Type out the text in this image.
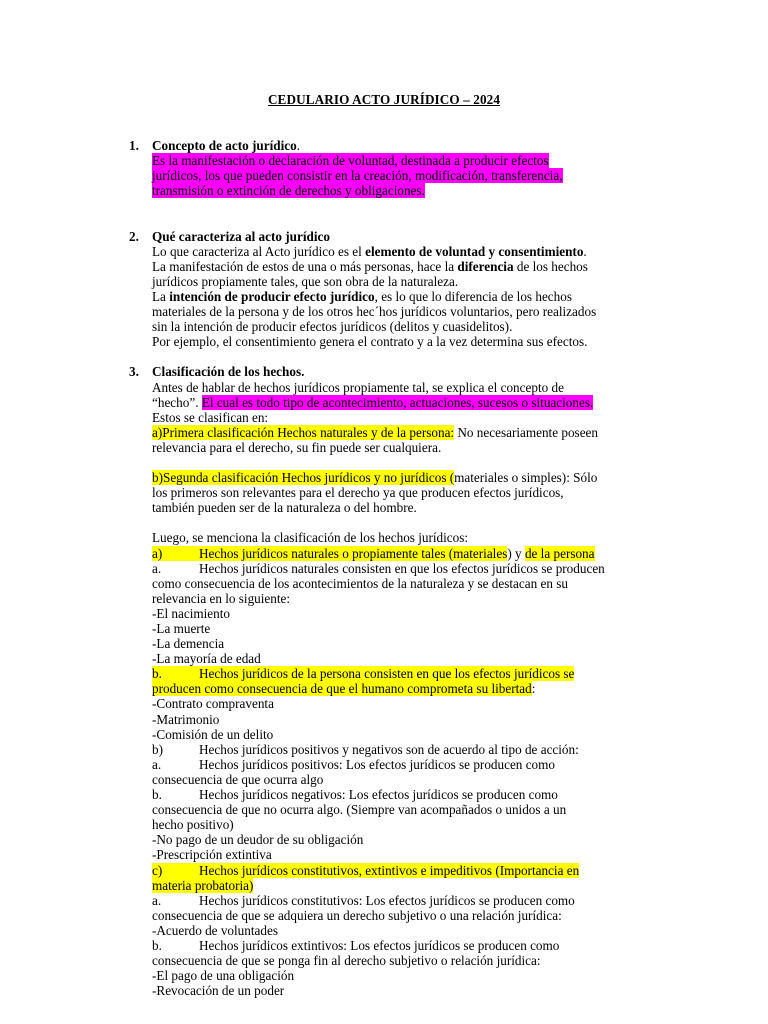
CEDULARIO ACTO JURÍDICO – 2024
1. Concepto de acto jurídico.

Es la manifestación o declaración de voluntad, destinada a producir efectos

jurídicos, los que pueden consistir en la creación, modificación, transferencia,

transmisión o extinción de derechos y obligaciones.

2. Qué caracteriza al acto jurídico

Lo que caracteriza al Acto jurídico es el elemento de voluntad y consentimiento.

La manifestación de estos de una o más personas, hace la diferencia de los hechos

jurídicos propiamente tales, que son obra de la naturaleza.

La intención de producir efecto jurídico, es lo que lo diferencia de los hechos

materiales de la persona y de los otros hec´hos jurídicos voluntarios, pero realizados

sin la intención de producir efectos jurídicos (delitos y cuasidelitos).

Por ejemplo, el consentimiento genera el contrato y a la vez determina sus efectos.

3. Clasificación de los hechos.

Antes de hablar de hechos jurídicos propiamente tal, se explica el concepto de

“hecho”. El cual es todo tipo de acontecimiento, actuaciones, sucesos o situaciones.

Estos se clasifican en:

a)Primera clasificación Hechos naturales y de la persona: No necesariamente poseen

relevancia para el derecho, su fin puede ser cualquiera.

b)Segunda clasificación Hechos jurídicos y no jurídicos (materiales o simples): Sólo

los primeros son relevantes para el derecho ya que producen efectos jurídicos,

también pueden ser de la naturaleza o del hombre.

Luego, se menciona la clasificación de los hechos jurídicos:

a)	Hechos jurídicos naturales o propiamente tales (materiales) y de la persona

a.	Hechos jurídicos naturales consisten en que los efectos jurídicos se producen

como consecuencia de los acontecimientos de la naturaleza y se destacan en su

relevancia en lo siguiente:

-El nacimiento

-La muerte

-La demencia

-La mayoría de edad

b.	Hechos jurídicos de la persona consisten en que los efectos jurídicos se

producen como consecuencia de que el humano comprometa su libertad:

-Contrato compraventa

-Matrimonio

-Comisión de un delito

b)	Hechos jurídicos positivos y negativos son de acuerdo al tipo de acción:

a.	Hechos jurídicos positivos: Los efectos jurídicos se producen como

consecuencia de que ocurra algo

b.	Hechos jurídicos negativos: Los efectos jurídicos se producen como

consecuencia de que no ocurra algo. (Siempre van acompañados o unidos a un

hecho positivo)

-No pago de un deudor de su obligación

-Prescripción extintiva

c)	Hechos jurídicos constitutivos, extintivos e impeditivos (Importancia en

materia probatoria)

a.	Hechos jurídicos constitutivos: Los efectos jurídicos se producen como

consecuencia de que se adquiera un derecho subjetivo o una relación jurídica:

-Acuerdo de voluntades

b.	Hechos jurídicos extintivos: Los efectos jurídicos se producen como

consecuencia de que se ponga fin al derecho subjetivo o relación jurídica:

-El pago de una obligación

-Revocación de un poder
